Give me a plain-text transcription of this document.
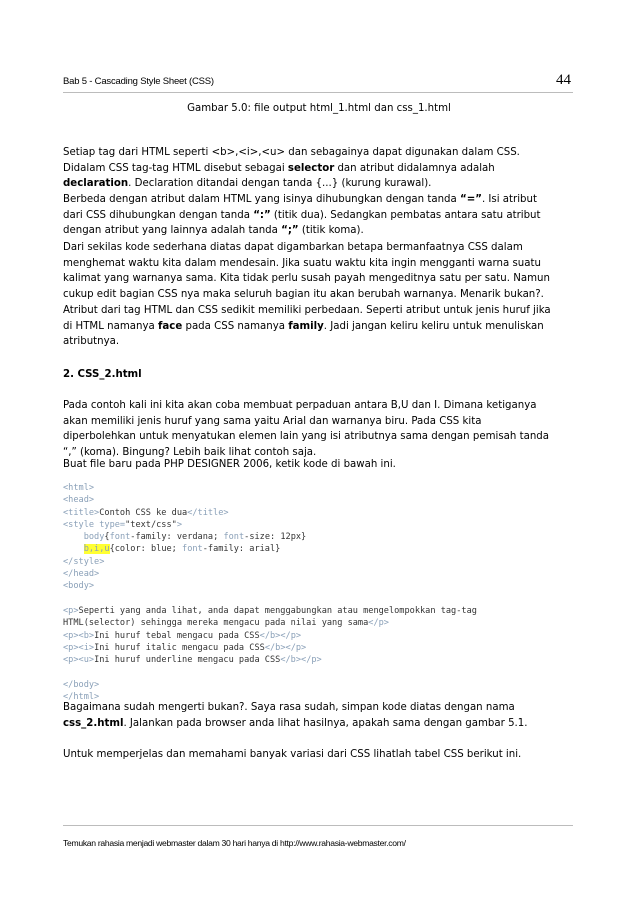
Bab 5 - Cascading Style Sheet (CSS)	44
Gambar 5.0: file output html_1.html dan css_1.html

Setiap tag dari HTML seperti <b>,<i>,<u> dan sebagainya dapat digunakan dalam CSS.

Didalam CSS tag-tag HTML disebut sebagai selector dan atribut didalamnya adalah

declaration. Declaration ditandai dengan tanda {...} (kurung kurawal).

Berbeda dengan atribut dalam HTML yang isinya dihubungkan dengan tanda “=”. Isi atribut

dari CSS dihubungkan dengan tanda “:” (titik dua). Sedangkan pembatas antara satu atribut

dengan atribut yang lainnya adalah tanda “;” (titik koma).

Dari sekilas kode sederhana diatas dapat digambarkan betapa bermanfaatnya CSS dalam

menghemat waktu kita dalam mendesain. Jika suatu waktu kita ingin mengganti warna suatu

kalimat yang warnanya sama. Kita tidak perlu susah payah mengeditnya satu per satu. Namun

cukup edit bagian CSS nya maka seluruh bagian itu akan berubah warnanya. Menarik bukan?.

Atribut dari tag HTML dan CSS sedikit memiliki perbedaan. Seperti atribut untuk jenis huruf jika

di HTML namanya face pada CSS namanya family. Jadi jangan keliru keliru untuk menuliskan

atributnya.

2. CSS_2.html

Pada contoh kali ini kita akan coba membuat perpaduan antara B,U dan I. Dimana ketiganya

akan memiliki jenis huruf yang sama yaitu Arial dan warnanya biru. Pada CSS kita

diperbolehkan untuk menyatukan elemen lain yang isi atributnya sama dengan pemisah tanda

“,” (koma). Bingung? Lebih baik lihat contoh saja.

Buat file baru pada PHP DESIGNER 2006, ketik kode di bawah ini.
<html>
<head>
<title>Contoh CSS ke dua</title>
<style type="text/css">
body{font-family: verdana; font-size: 12px}
b,i,u{color: blue; font-family: arial}
</style>
</head>
<body>

<p>Seperti yang anda lihat, anda dapat menggabungkan atau mengelompokkan tag-tag
HTML(selector) sehingga mereka mengacu pada nilai yang sama</p>
<p><b>Ini huruf tebal mengacu pada CSS</b></p>
<p><i>Ini huruf italic mengacu pada CSS</b></p>
<p><u>Ini huruf underline mengacu pada CSS</b></p>

</body>
</html>

Bagaimana sudah mengerti bukan?. Saya rasa sudah, simpan kode diatas dengan nama

css_2.html. Jalankan pada browser anda lihat hasilnya, apakah sama dengan gambar 5.1.

Untuk memperjelas dan memahami banyak variasi dari CSS lihatlah tabel CSS berikut ini.
Temukan rahasia menjadi webmaster dalam 30 hari hanya di http://www.rahasia-webmaster.com/
